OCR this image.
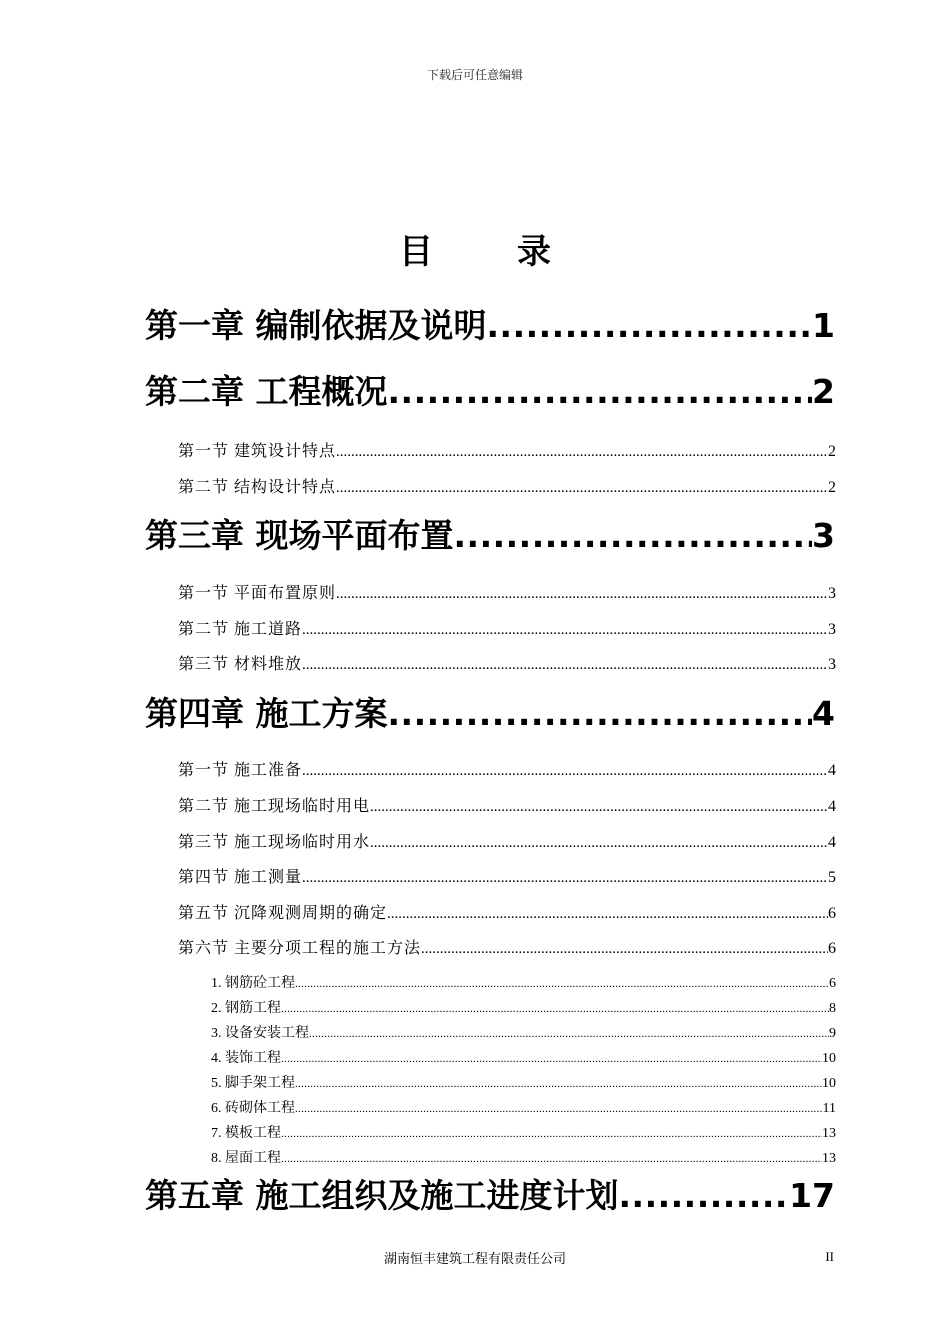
下载后可任意编辑
目 录
第一章 编制依据及说明 .....	1
第二章 工程概况 .....	2
第一节 建筑设计特点 .....	2
第二节 结构设计特点 .....	2
第三章 现场平面布置 .....	3
第一节 平面布置原则 .....	3
第二节 施工道路 .....	3
第三节 材料堆放 .....	3
第四章 施工方案 .....	4
第一节 施工准备 .....	4
第二节 施工现场临时用电 .....	4
第三节 施工现场临时用水 .....	4
第四节 施工测量 .....	5
第五节 沉降观测周期的确定 .....	6
第六节 主要分项工程的施工方法 .....	6
1. 钢筋砼工程 .....	6
2. 钢筋工程 .....	8
3. 设备安装工程 .....	9
4. 装饰工程 .....	10
5. 脚手架工程 .....	10
6. 砖砌体工程 .....	11
7. 模板工程 .....	13
8. 屋面工程 .....	13
第五章 施工组织及施工进度计划 .....	17
湖南恒丰建筑工程有限责任公司	II
